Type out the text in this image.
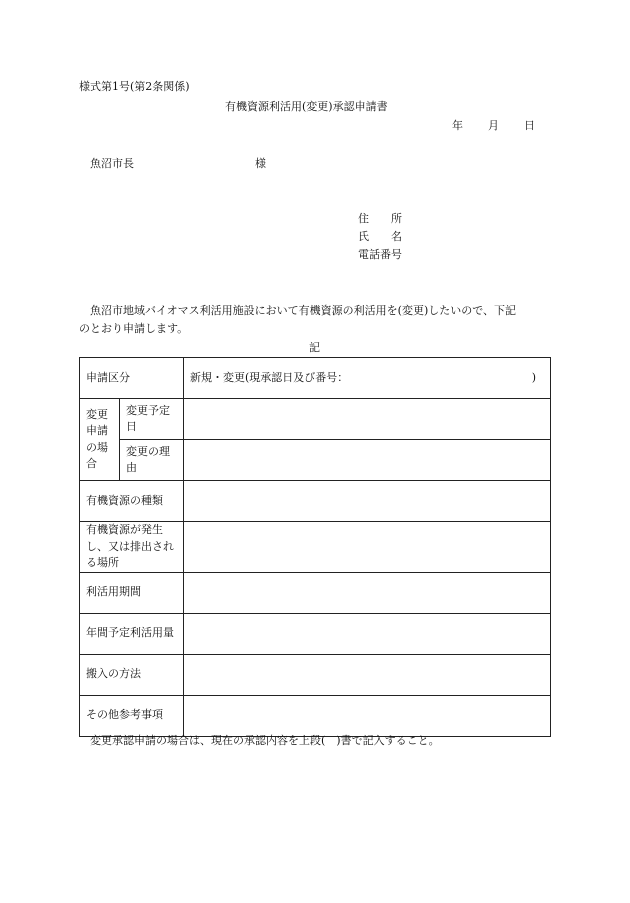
様式第1号(第2条関係)
有機資源利活用(変更)承認申請書
年 月 日
魚沼市長	様
住　　所
氏　　名
電話番号
魚沼市地域バイオマス利活用施設において有機資源の利活用を(変更)したいので、下記
のとおり申請します。
記
申請区分		新規・変更(現承認日及び番号： )

変更申請の場合	変更予定日	
	変更の理由	
有機資源の種類		
有機資源が発生し、又は排出される場所		
利活用期間		
年間予定利活用量		
搬入の方法		
その他参考事項		
変更承認申請の場合は、現在の承認内容を上段(　)書で記入すること。
